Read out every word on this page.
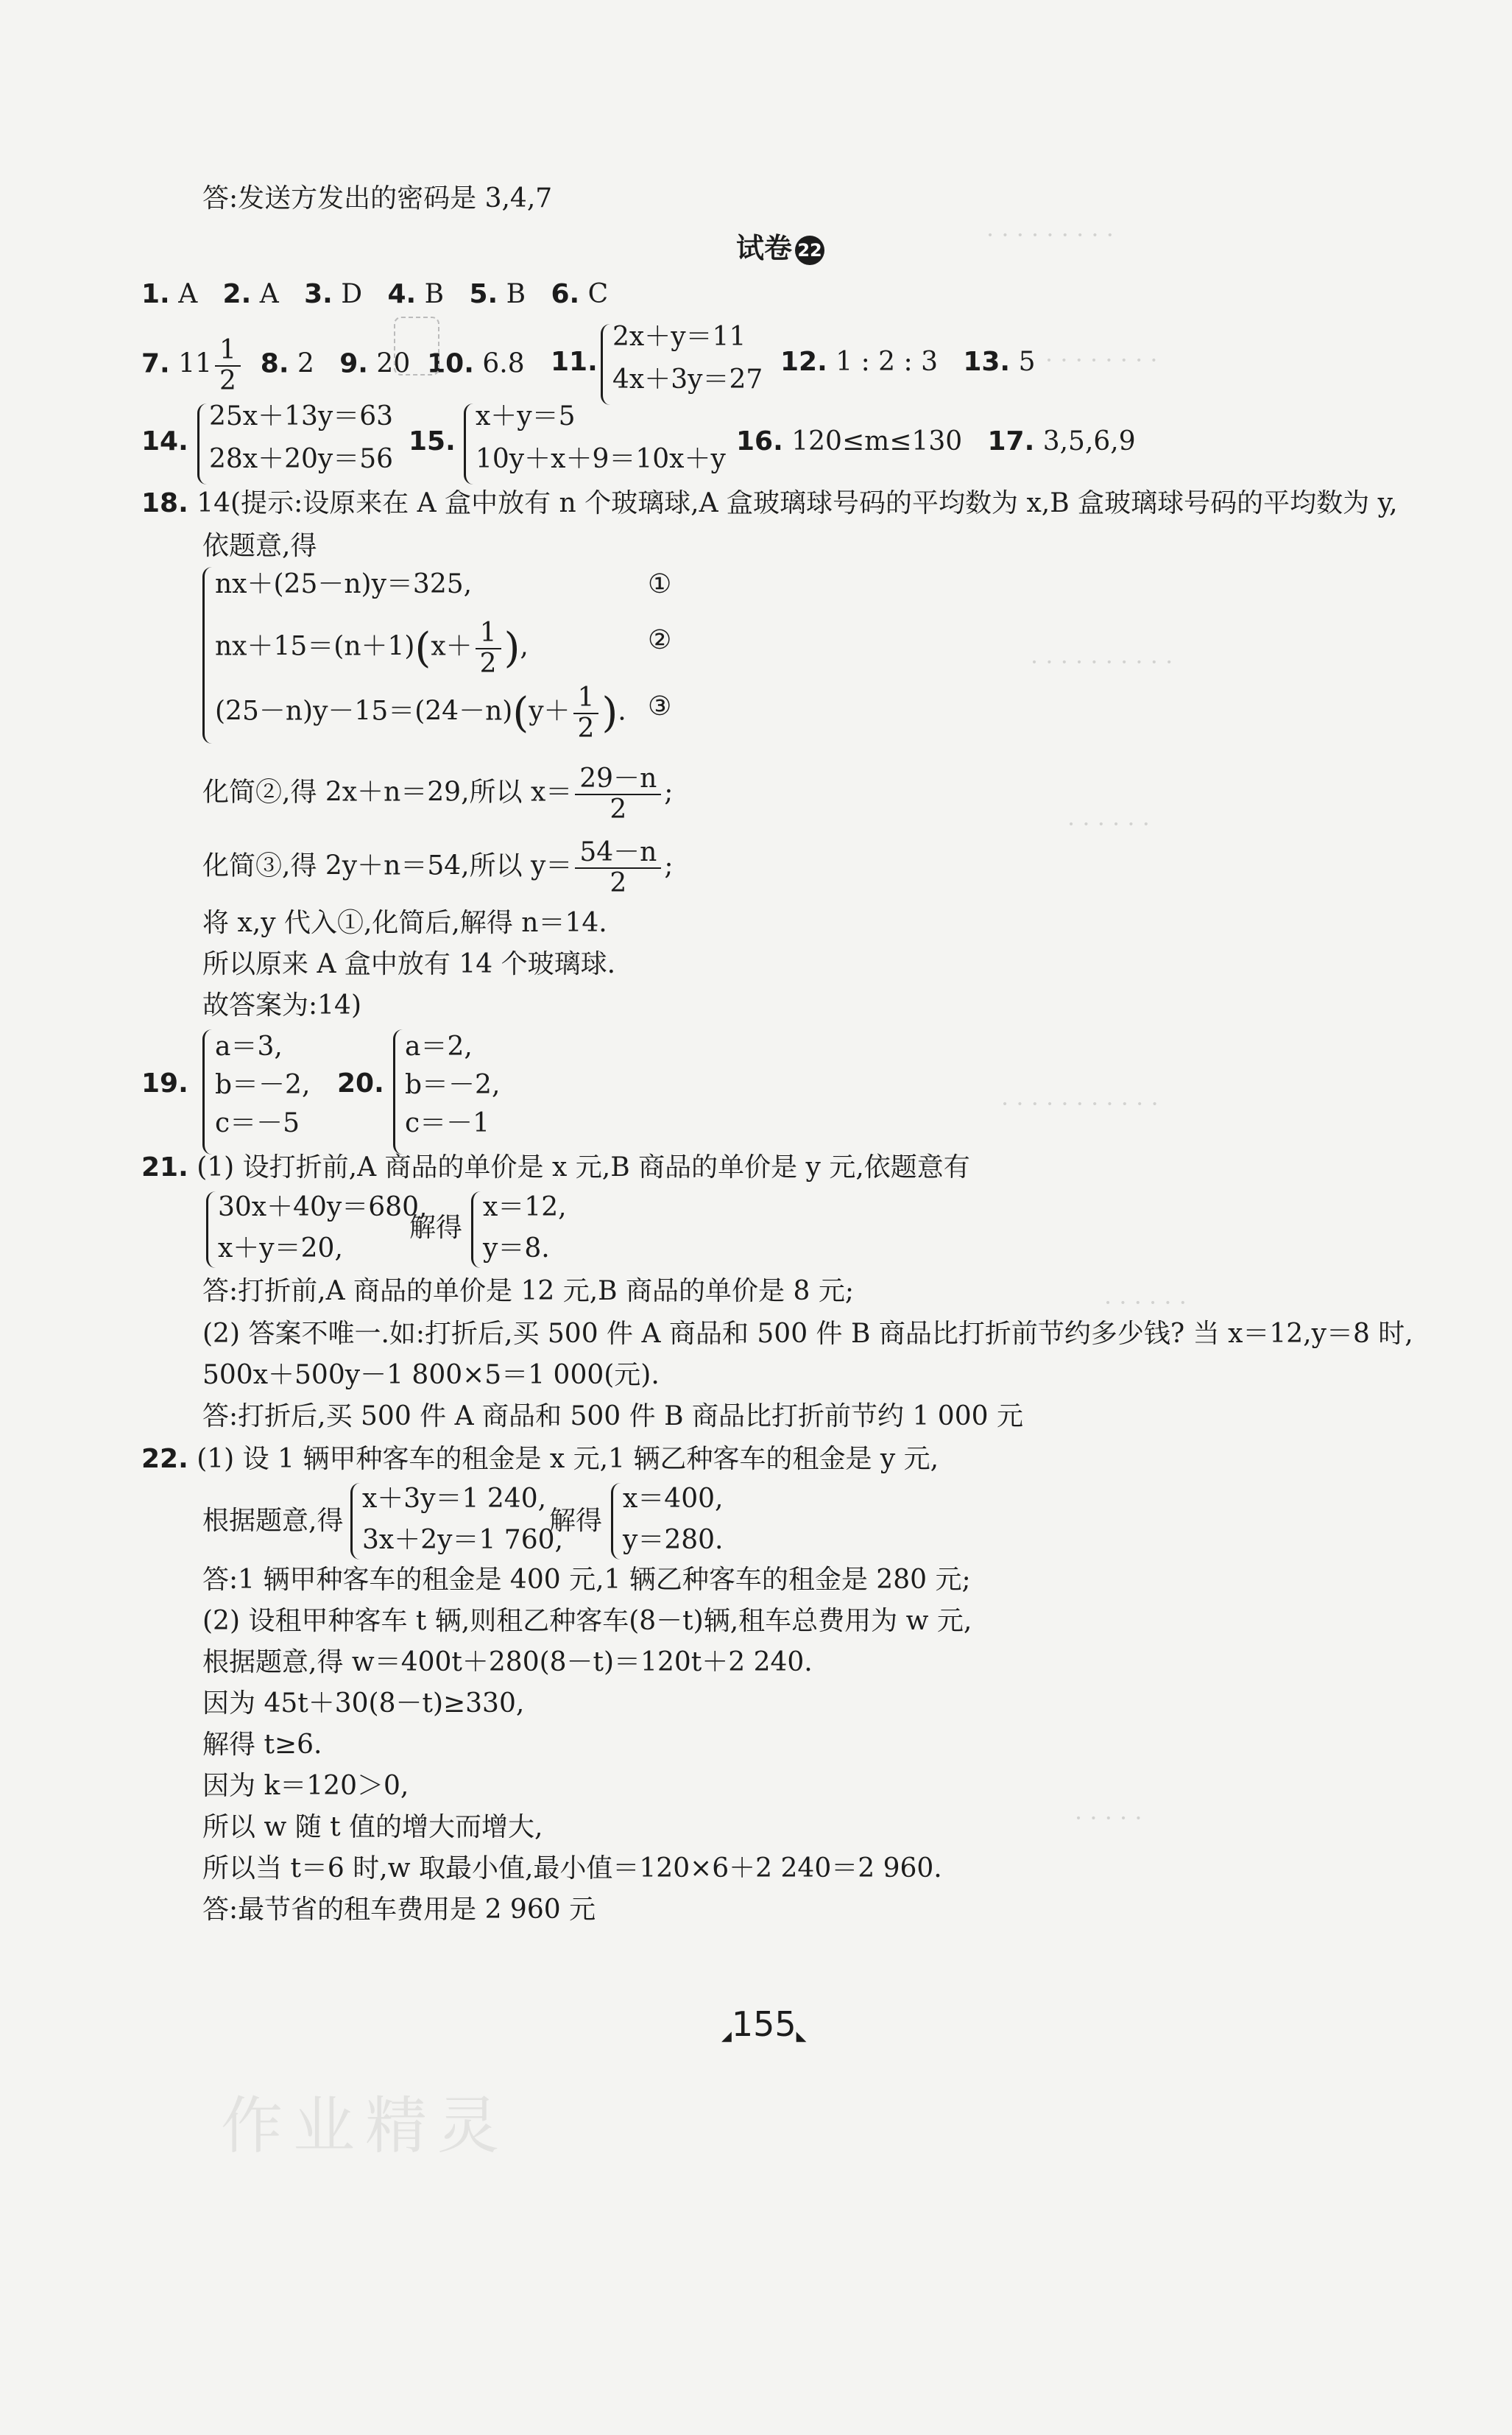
· · · · · · · · ·
· · · · · · · ·
· · · · · · · · · ·
· · · · · ·
· · · · · · · · · · ·
· · · · · ·
· · · · ·
答:发送方发出的密码是 3,4,7
试卷 22
1. A 2. A 3. D 4. B 5. B 6. C
7. $11 \frac{1}{2} 8$. 2 9. 20 10. 6.8 11.
2x＋y＝11
4x＋3y＝27
12. 1 : 2 : 3 13. 5
14.
25x＋13y＝63
28x＋20y＝56
15.
x＋y＝5
10y＋x＋9＝10x＋y
16. 120≤m≤130 17. 3,5,6,9
18. 14(提示:设原来在 A 盒中放有 n 个玻璃球,A 盒玻璃球号码的平均数为 x,B 盒玻璃球号码的平均数为 y,
依题意,得
nx＋(25－n)y＝325,	①
$nx+15=(n+1)(x+ \frac{1}{2}$ ),	②
$(25-n)y-15=(24-n)(y+ \frac{1}{2}$ ). ③
化简②,得 2x＋n＝29,所以 $x= \frac{29-n}{2}$ ;
化简③,得 2y＋n＝54,所以 $y= \frac{54-n}{2}$ ;
将 x,y 代入①,化简后,解得 n＝14.
所以原来 A 盒中放有 14 个玻璃球.
故答案为:14)
19.
a＝3,
b＝－2,
c＝－5
20.
a＝2,
b＝－2,
c＝－1
21. (1) 设打折前,A 商品的单价是 x 元,B 商品的单价是 y 元,依题意有
30x＋40y＝680,
x＋y＝20,
解得
x＝12,
y＝8.
答:打折前,A 商品的单价是 12 元,B 商品的单价是 8 元;
(2) 答案不唯一.如:打折后,买 500 件 A 商品和 500 件 B 商品比打折前节约多少钱? 当 x＝12,y＝8 时,
500x＋500y－1 800×5＝1 000(元).
答:打折后,买 500 件 A 商品和 500 件 B 商品比打折前节约 1 000 元
22. (1) 设 1 辆甲种客车的租金是 x 元,1 辆乙种客车的租金是 y 元,
根据题意,得
x＋3y＝1 240,
3x＋2y＝1 760,
解得
x＝400,
y＝280.
答:1 辆甲种客车的租金是 400 元,1 辆乙种客车的租金是 280 元;
(2) 设租甲种客车 t 辆,则租乙种客车(8－t)辆,租车总费用为 w 元,
根据题意,得 w＝400t＋280(8－t)＝120t＋2 240.
因为 45t＋30(8－t)≥330,
解得 t≥6.
因为 k＝120＞0,
所以 w 随 t 值的增大而增大,
所以当 t＝6 时,w 取最小值,最小值＝120×6＋2 240＝2 960.
答:最节省的租车费用是 2 960 元
◢155◣
作业精灵
